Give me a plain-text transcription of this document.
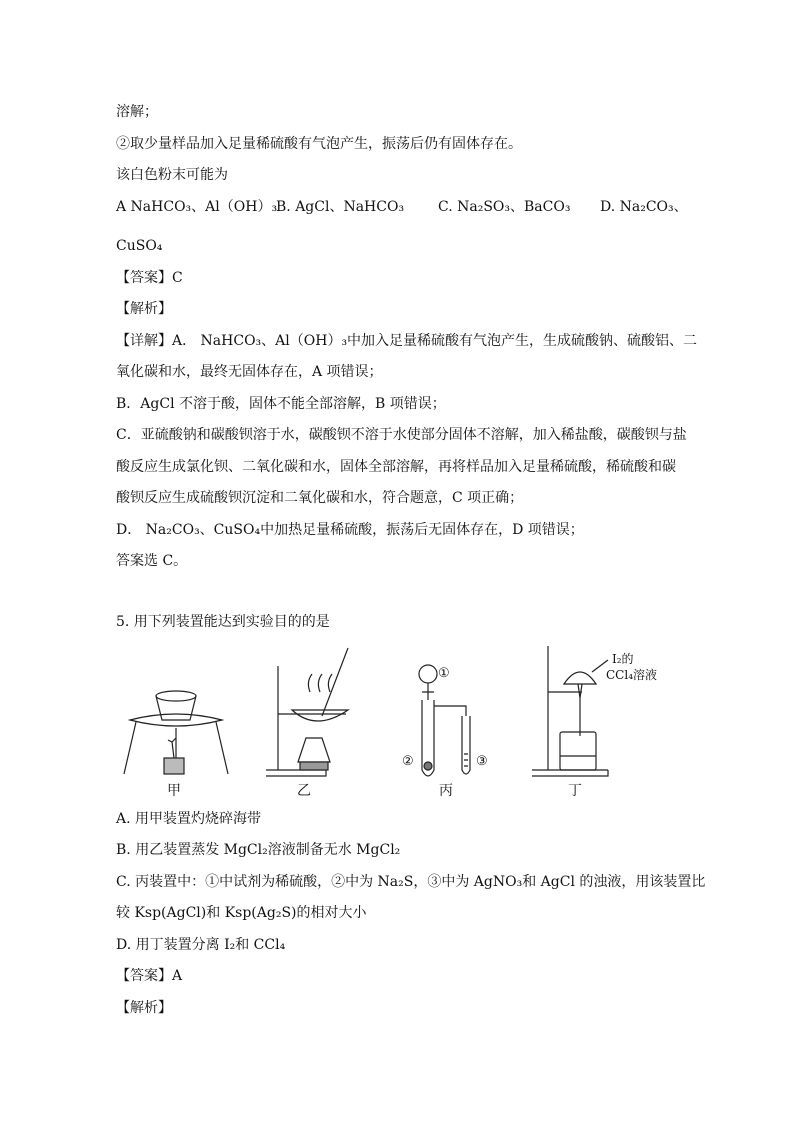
溶解；
②取少量样品加入足量稀硫酸有气泡产生，振荡后仍有固体存在。
该白色粉末可能为
A NaHCO₃、Al（OH）₃
B. AgCl、NaHCO₃ C. Na₂SO₃、BaCO₃ D. Na₂CO₃、
CuSO₄
【答案】C
【解析】
【详解】A． NaHCO₃、Al（OH）₃中加入足量稀硫酸有气泡产生，生成硫酸钠、硫酸铝、二
氧化碳和水，最终无固体存在，A 项错误；
B．AgCl 不溶于酸，固体不能全部溶解，B 项错误；
C．亚硫酸钠和碳酸钡溶于水，碳酸钡不溶于水使部分固体不溶解，加入稀盐酸，碳酸钡与盐
酸反应生成氯化钡、二氧化碳和水，固体全部溶解，再将样品加入足量稀硫酸，稀硫酸和碳
酸钡反应生成硫酸钡沉淀和二氧化碳和水，符合题意，C 项正确；
D． Na₂CO₃、CuSO₄中加热足量稀硫酸，振荡后无固体存在，D 项错误；
答案选 C。
5. 用下列装置能达到实验目的的是
甲	乙	丙	丁
①
②	③
I₂的
CCl₄溶液
A. 用甲装置灼烧碎海带
B. 用乙装置蒸发 MgCl₂溶液制备无水 MgCl₂
C. 丙装置中：①中试剂为稀硫酸，②中为 Na₂S，③中为 AgNO₃和 AgCl 的浊液，用该装置比
较 Ksp(AgCl)和 Ksp(Ag₂S)的相对大小
D. 用丁装置分离 I₂和 CCl₄
【答案】A
【解析】
